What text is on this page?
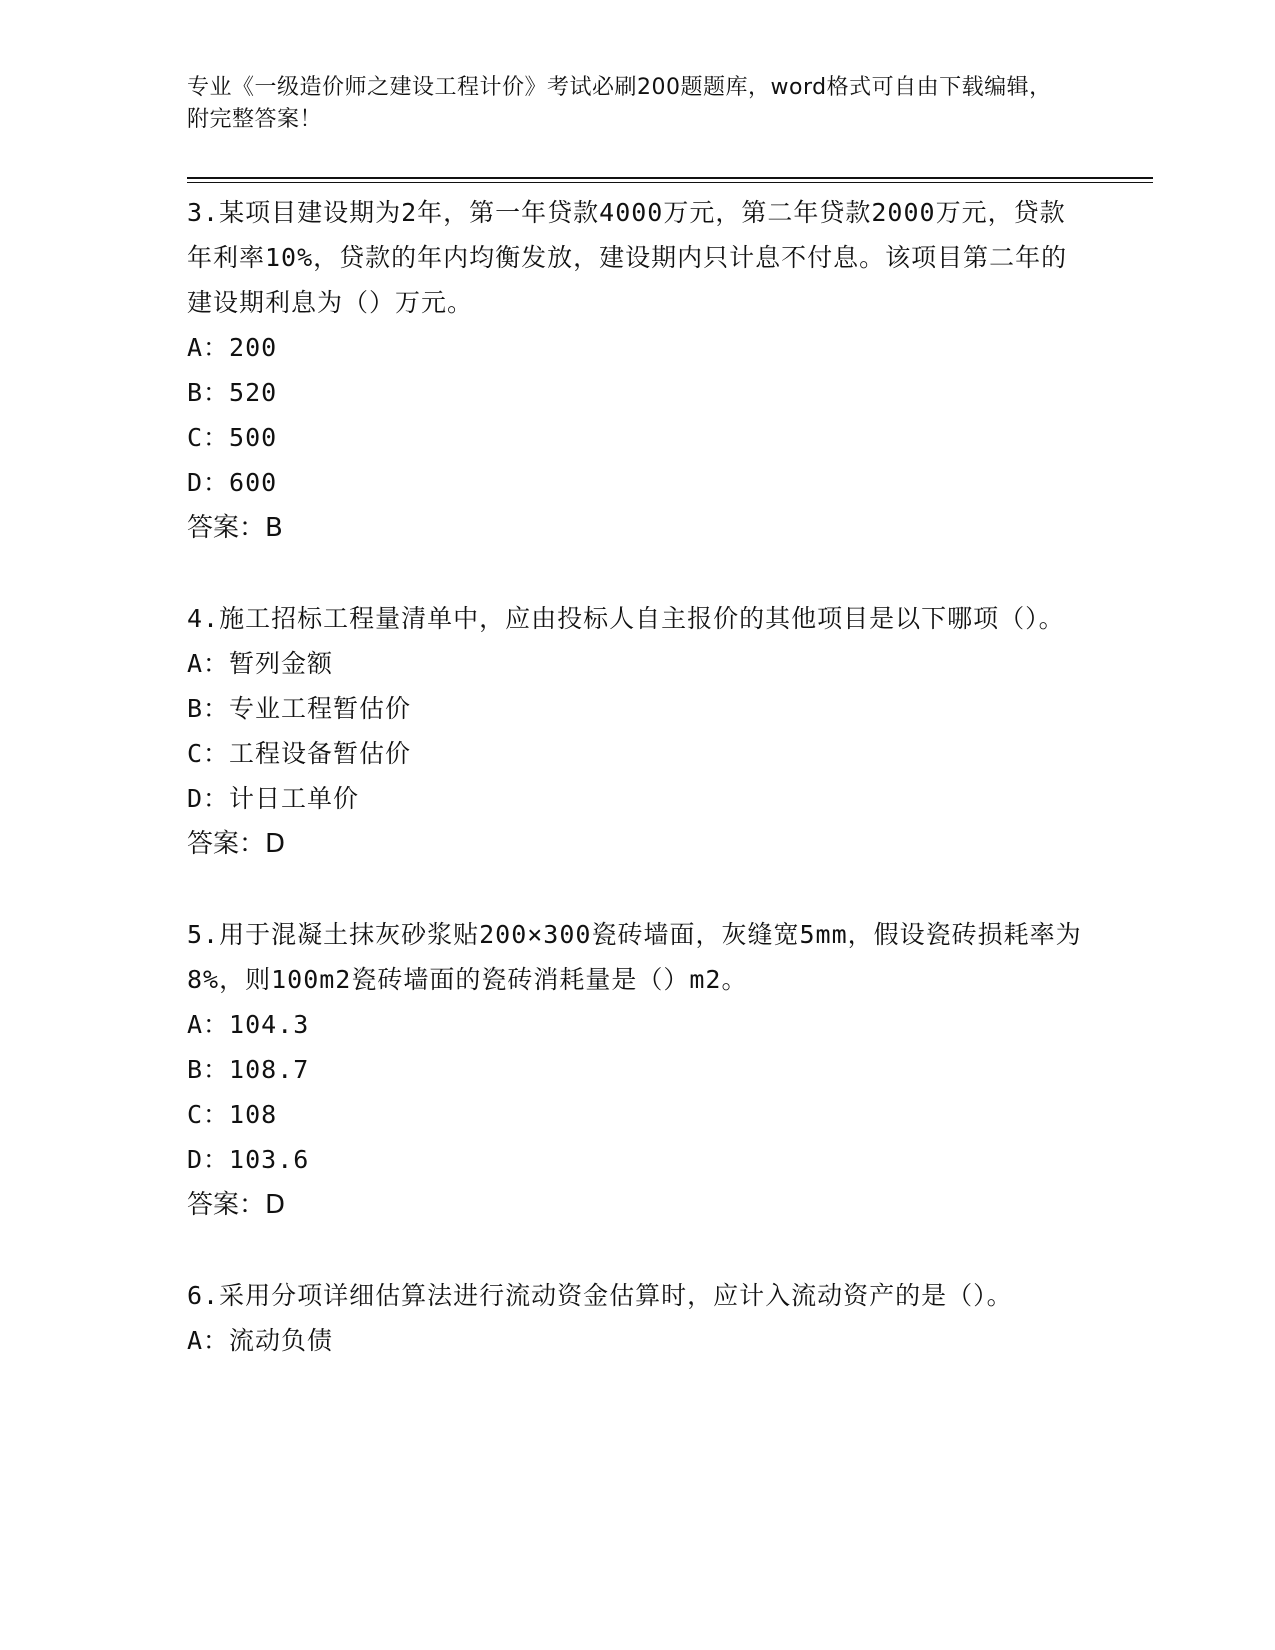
专业《一级造价师之建设工程计价》考试必刷200题题库，word格式可自由下载编辑，附完整答案！

3.某项目建设期为2年，第一年贷款4000万元，第二年贷款2000万元，贷款年利率10%，贷款的年内均衡发放，建设期内只计息不付息。该项目第二年的建设期利息为（）万元。

A：200

B：520

C：500

D：600

答案：B

4.施工招标工程量清单中，应由投标人自主报价的其他项目是以下哪项（）。

A：暂列金额

B：专业工程暂估价

C：工程设备暂估价

D：计日工单价

答案：D

5.用于混凝土抹灰砂浆贴200×300瓷砖墙面，灰缝宽5mm，假设瓷砖损耗率为8%，则100m2瓷砖墙面的瓷砖消耗量是（）m2。

A：104.3

B：108.7

C：108

D：103.6

答案：D

6.采用分项详细估算法进行流动资金估算时，应计入流动资产的是（）。

A：流动负债
